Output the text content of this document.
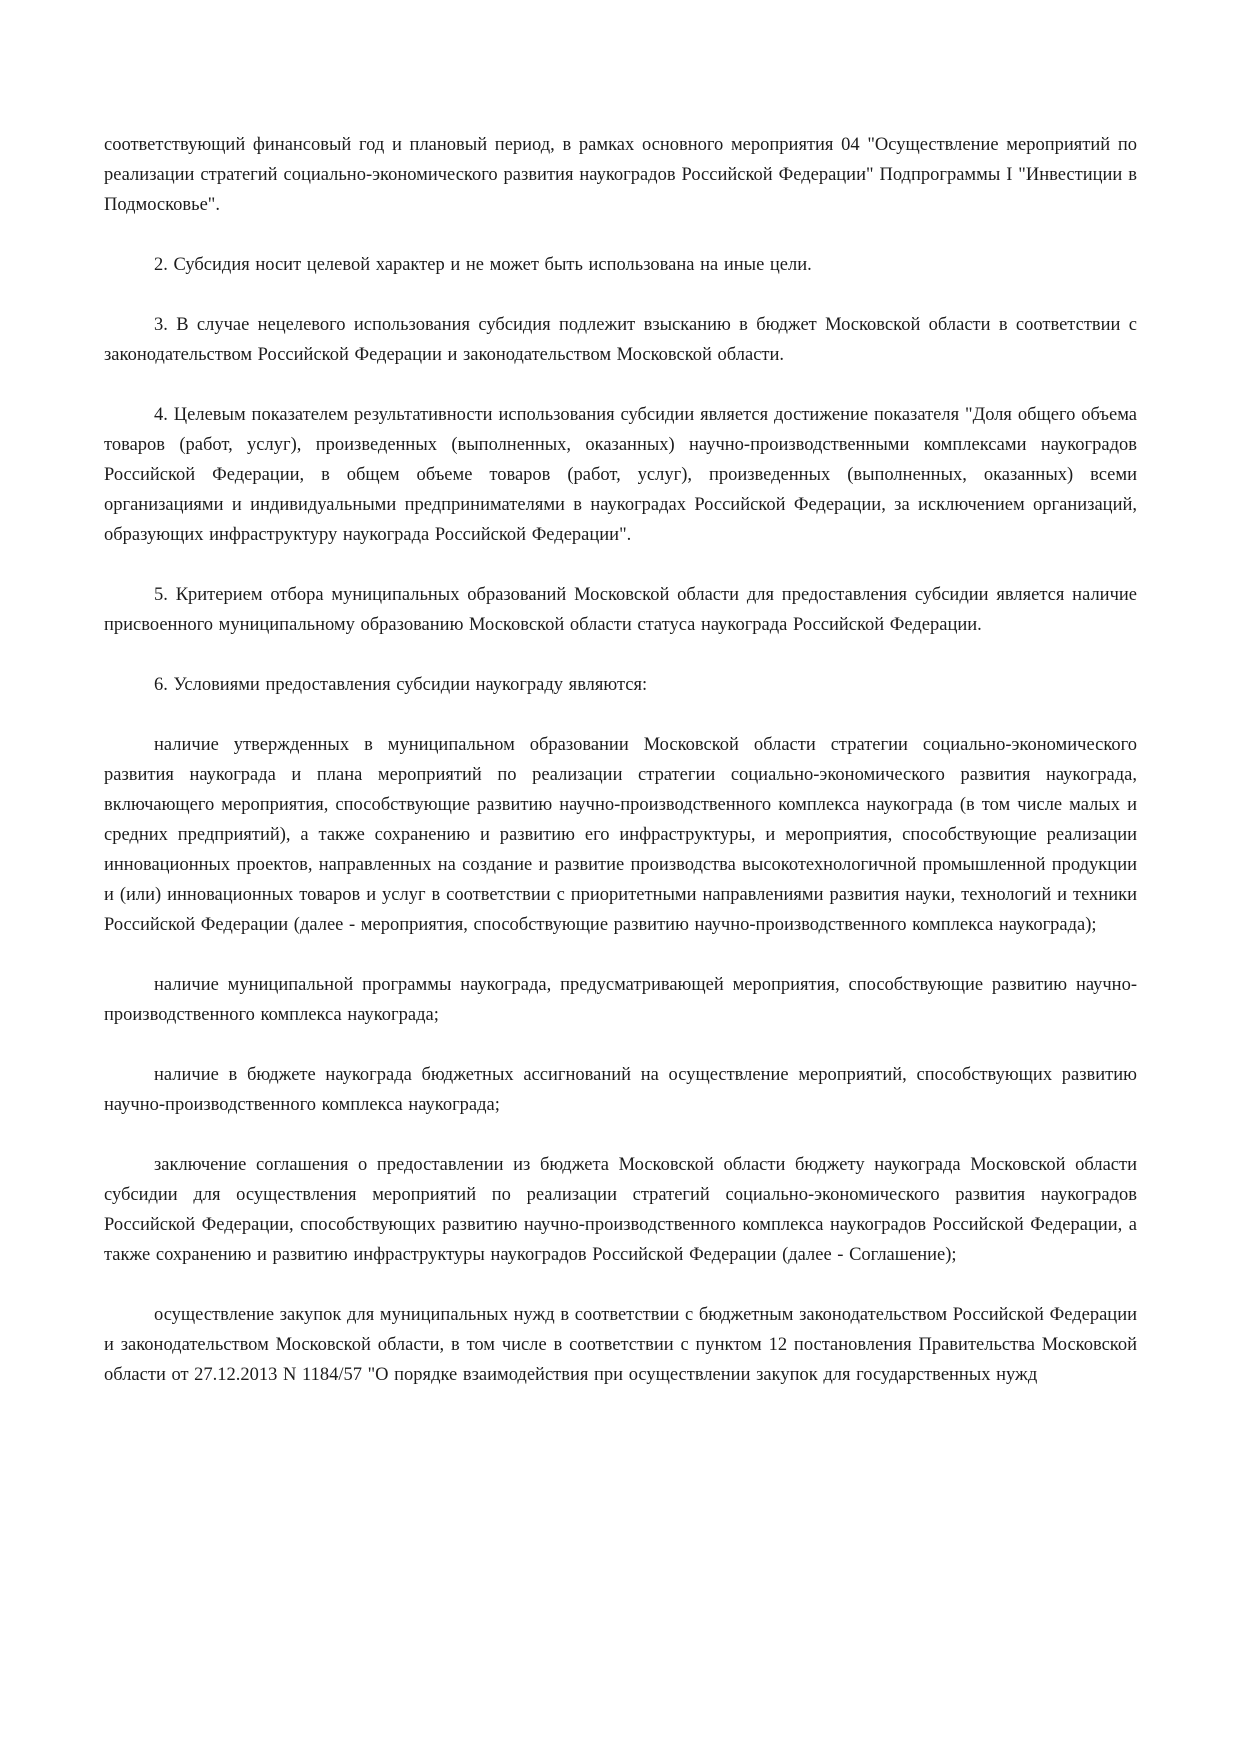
соответствующий финансовый год и плановый период, в рамках основного мероприятия 04 "Осуществление мероприятий по реализации стратегий социально-экономического развития наукоградов Российской Федерации" Подпрограммы I "Инвестиции в Подмосковье".

2. Субсидия носит целевой характер и не может быть использована на иные цели.

3. В случае нецелевого использования субсидия подлежит взысканию в бюджет Московской области в соответствии с законодательством Российской Федерации и законодательством Московской области.

4. Целевым показателем результативности использования субсидии является достижение показателя "Доля общего объема товаров (работ, услуг), произведенных (выполненных, оказанных) научно-производственными комплексами наукоградов Российской Федерации, в общем объеме товаров (работ, услуг), произведенных (выполненных, оказанных) всеми организациями и индивидуальными предпринимателями в наукоградах Российской Федерации, за исключением организаций, образующих инфраструктуру наукограда Российской Федерации".

5. Критерием отбора муниципальных образований Московской области для предоставления субсидии является наличие присвоенного муниципальному образованию Московской области статуса наукограда Российской Федерации.

6. Условиями предоставления субсидии наукограду являются:

наличие утвержденных в муниципальном образовании Московской области стратегии социально-экономического развития наукограда и плана мероприятий по реализации стратегии социально-экономического развития наукограда, включающего мероприятия, способствующие развитию научно-производственного комплекса наукограда (в том числе малых и средних предприятий), а также сохранению и развитию его инфраструктуры, и мероприятия, способствующие реализации инновационных проектов, направленных на создание и развитие производства высокотехнологичной промышленной продукции и (или) инновационных товаров и услуг в соответствии с приоритетными направлениями развития науки, технологий и техники Российской Федерации (далее - мероприятия, способствующие развитию научно-производственного комплекса наукограда);

наличие муниципальной программы наукограда, предусматривающей мероприятия, способствующие развитию научно-производственного комплекса наукограда;

наличие в бюджете наукограда бюджетных ассигнований на осуществление мероприятий, способствующих развитию научно-производственного комплекса наукограда;

заключение соглашения о предоставлении из бюджета Московской области бюджету наукограда Московской области субсидии для осуществления мероприятий по реализации стратегий социально-экономического развития наукоградов Российской Федерации, способствующих развитию научно-производственного комплекса наукоградов Российской Федерации, а также сохранению и развитию инфраструктуры наукоградов Российской Федерации (далее - Соглашение);

осуществление закупок для муниципальных нужд в соответствии с бюджетным законодательством Российской Федерации и законодательством Московской области, в том числе в соответствии с пунктом 12 постановления Правительства Московской области от 27.12.2013 N 1184/57 "О порядке взаимодействия при осуществлении закупок для государственных нужд
